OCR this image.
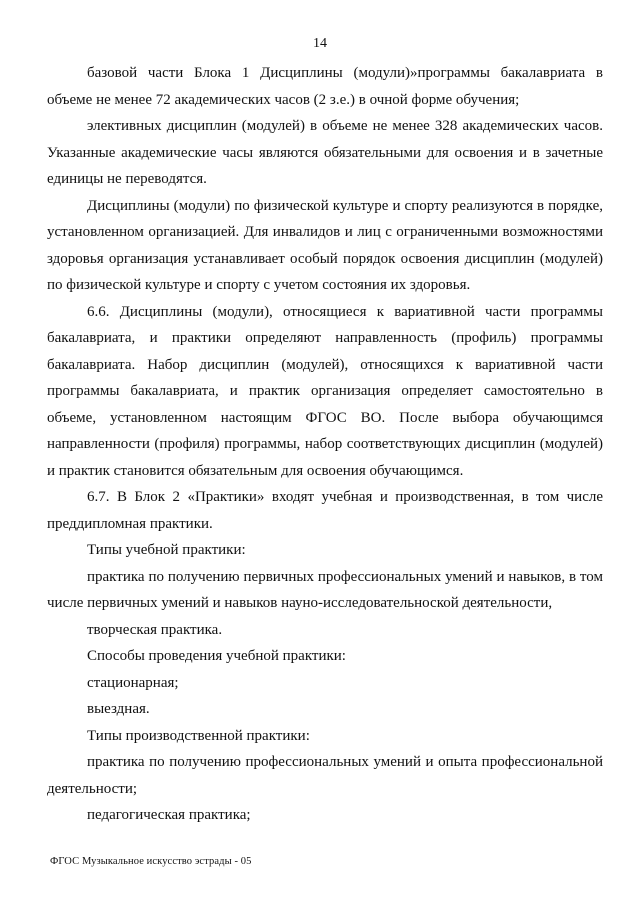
14

базовой части Блока 1 Дисциплины (модули)»программы бакалавриата в объеме не менее 72 академических часов (2 з.е.) в очной форме обучения;

элективных дисциплин (модулей) в объеме не менее 328 академических часов. Указанные академические часы являются обязательными для освоения и в зачетные единицы не переводятся.

Дисциплины (модули) по физической культуре и спорту реализуются в порядке, установленном организацией. Для инвалидов и лиц с ограниченными возможностями здоровья организация устанавливает особый порядок освоения дисциплин (модулей) по физической культуре и спорту с учетом состояния их здоровья.

6.6. Дисциплины (модули), относящиеся к вариативной части программы бакалавриата, и практики определяют направленность (профиль) программы бакалавриата. Набор дисциплин (модулей), относящихся к вариативной части программы бакалавриата, и практик организация определяет самостоятельно в объеме, установленном настоящим ФГОС ВО. После выбора обучающимся направленности (профиля) программы, набор соответствующих дисциплин (модулей) и практик становится обязательным для освоения обучающимся.

6.7. В Блок 2 «Практики» входят учебная и производственная, в том числе преддипломная практики.

Типы учебной практики:

практика по получению первичных профессиональных умений и навыков, в том числе первичных умений и навыков науно-исследовательноской деятельности,

творческая практика.

Способы проведения учебной практики:

стационарная;

выездная.

Типы производственной практики:

практика по получению профессиональных умений и опыта профессиональной деятельности;

педагогическая практика;

ФГОС Музыкальное искусство эстрады - 05
